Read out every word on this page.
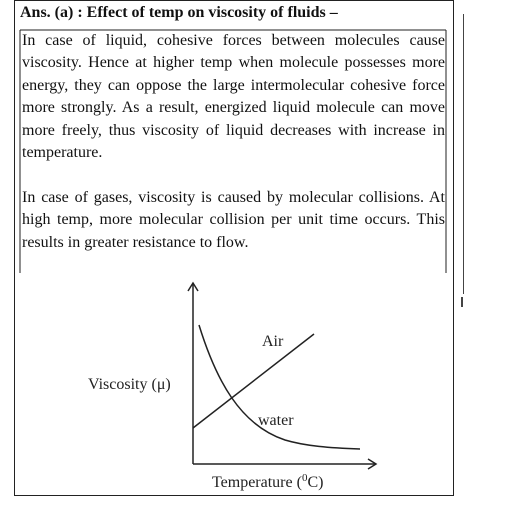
Ans. (a) : Effect of temp on viscosity of fluids –

In case of liquid, cohesive forces between molecules cause viscosity. Hence at higher temp when molecule possesses more energy, they can oppose the large intermolecular cohesive force more strongly. As a result, energized liquid molecule can move more freely, thus viscosity of liquid decreases with increase in temperature.

In case of gases, viscosity is caused by molecular collisions. At high temp, more molecular collision per unit time occurs. This results in greater resistance to flow.

Viscosity (μ)
Air
water
Temperature ($^0$C)
